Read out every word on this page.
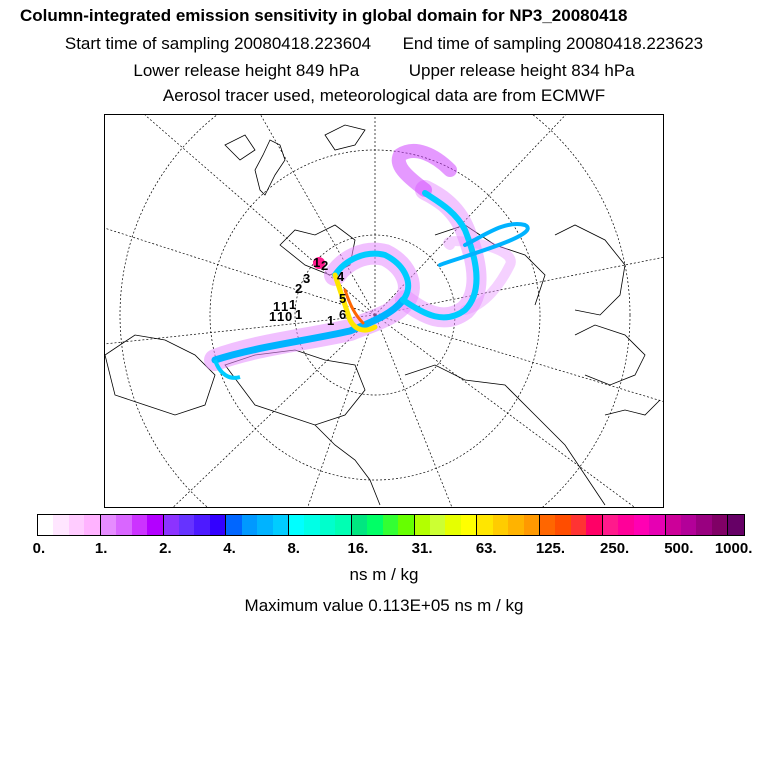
Column-integrated emission sensitivity in global domain for NP3_20080418
Start time of sampling 20080418.223604 End time of sampling 20080418.223623
Lower release height 849 hPa	Upper release height 834 hPa
Aerosol tracer used, meteorological data are from ECMWF
1 2
4
5
6
3
2
1 1 1
1 1 0 1 1
0.	1.	2.	4.	8.	16.	31.	63.	125. 250. 500. 1000.
ns m / kg
Maximum value 0.113E+05 ns m / kg
